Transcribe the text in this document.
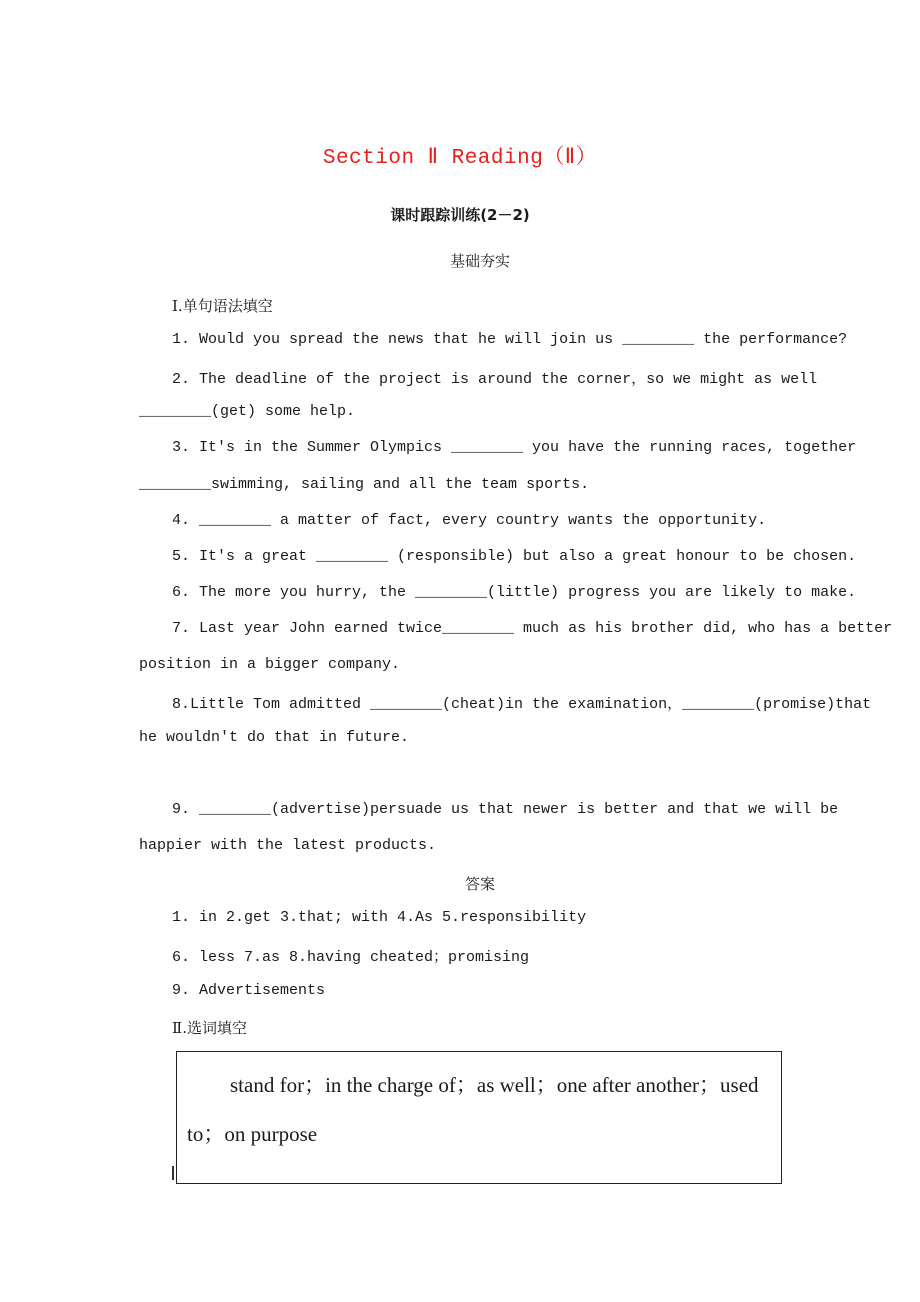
Section Ⅱ Reading（Ⅱ）
课时跟踪训练(2－2)
基础夯实
Ⅰ.单句语法填空
1. Would you spread the news that he will join us ________ the performance?
2. The deadline of the project is around the corner，so we might as well
________(get) some help.
3. It's in the Summer Olympics ________ you have the running races, together
________swimming, sailing and all the team sports.
4. ________ a matter of fact, every country wants the opportunity.
5. It's a great ________ (responsible) but also a great honour to be chosen.
6. The more you hurry, the ________(little) progress you are likely to make.
7. Last year John earned twice________ much as his brother did, who has a better
position in a bigger company.
8.Little Tom admitted ________(cheat)in the examination，________(promise)that
he wouldn't do that in future.
9. ________(advertise)persuade us that newer is better and that we will be
happier with the latest products.
答案
1. in 2.get 3.that; with 4.As 5.responsibility
6. less 7.as 8.having cheated；promising
9. Advertisements
Ⅱ.选词填空
stand for；in the charge of；as well；one after another；used
to；on purpose
